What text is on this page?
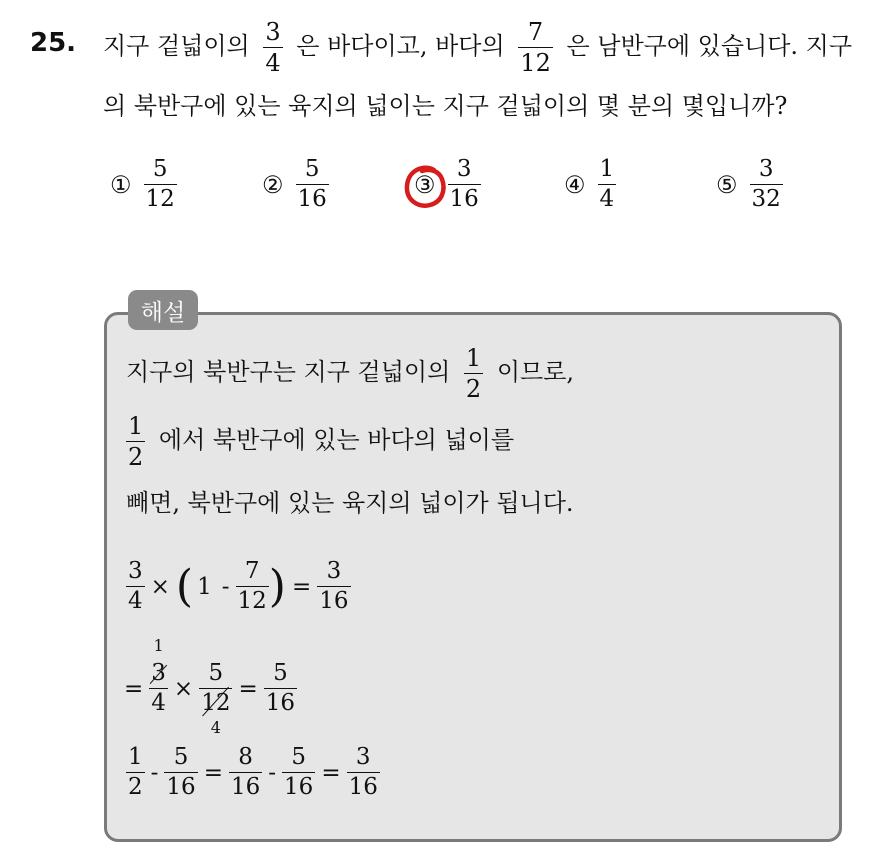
25. 지구 겉넓이의 $\frac{3}{4}$ 은 바다이고, 바다의 $\frac{7}{12}$ 은 남반구에 있습니다. 지구
의 북반구에 있는 육지의 넓이는 지구 겉넓이의 몇 분의 몇입니까?
① $\frac{5}{12}$	② $\frac{5}{16}$	③ $\frac{3}{16}$	④ $\frac{1}{4}$	⑤ $\frac{3}{32}$
해설
지구의 북반구는 지구 겉넓이의 $\frac{1}{2}$ 이므로,
$\frac{1}{2}$ 에서 북반구에 있는 바다의 넓이를
빼면, 북반구에 있는 육지의 넓이가 됩니다.
$\frac{3}{4}$ × ( $1 - \frac{7}{12}$ ) = $\frac{3}{16}$
=
1
$\frac{3}{4} \times \frac{5}{12}$
4
= $\frac{5}{16}$
$\frac{1}{2} - \frac{5}{16} = \frac{8}{16} - \frac{5}{16} = \frac{3}{16}$
